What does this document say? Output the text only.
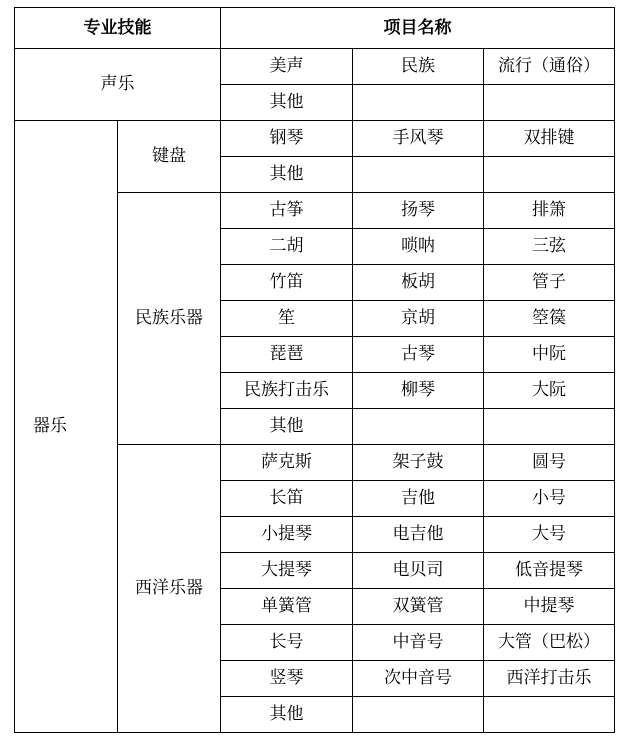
专业技能		项目名称		
声乐		美声	民族	流行（通俗）
		其他		
器乐	键盘	钢琴	手风琴	双排键
		其他		
	民族乐器	古筝	扬琴	排箫
		二胡	唢呐	三弦
		竹笛	板胡	管子
		笙	京胡	箜篌
		琵琶	古琴	中阮
		民族打击乐	柳琴	大阮
		其他		
	西洋乐器	萨克斯	架子鼓	圆号
		长笛	吉他	小号
		小提琴	电吉他	大号
		大提琴	电贝司	低音提琴
		单簧管	双簧管	中提琴
		长号	中音号	大管（巴松）
		竖琴	次中音号	西洋打击乐
		其他		
